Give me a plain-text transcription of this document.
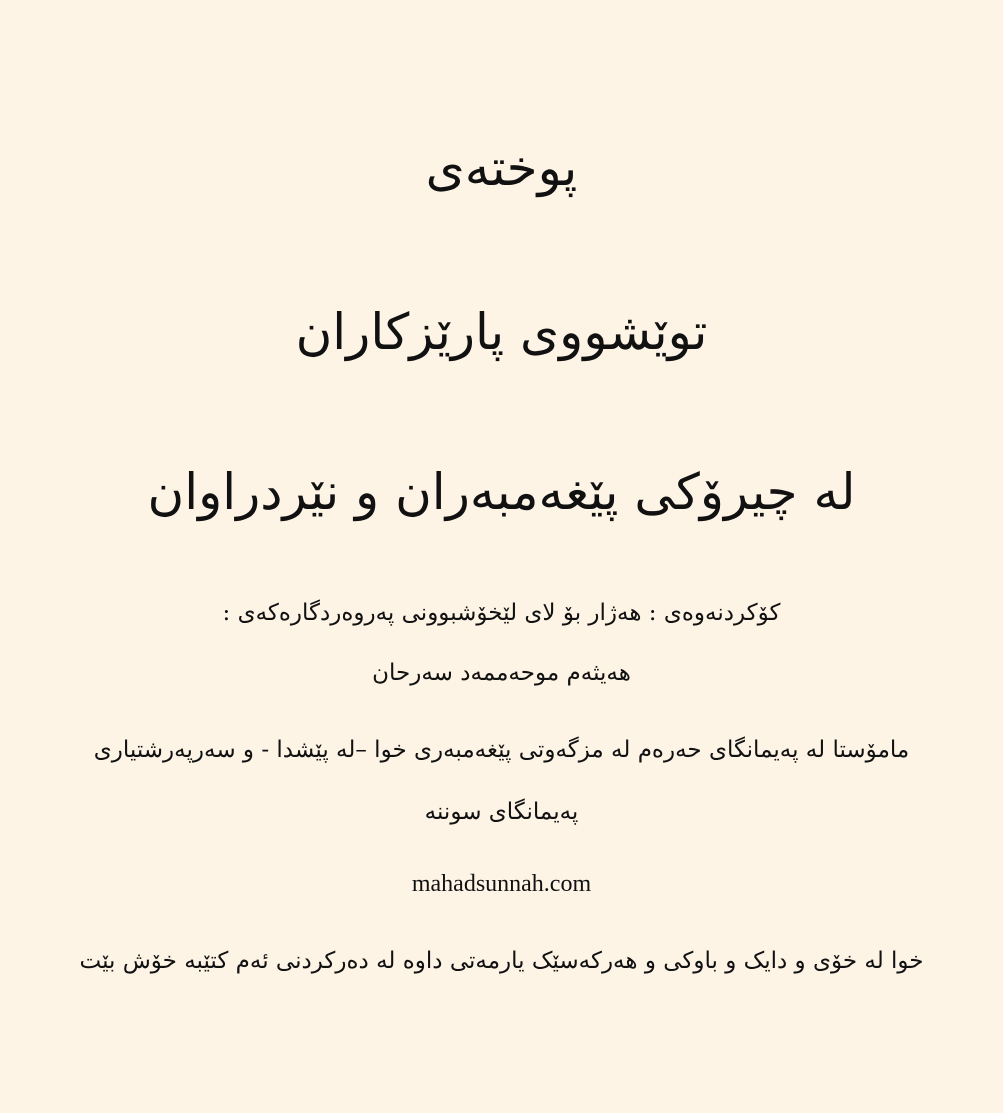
پوختەی
توێشووی پارێزکاران
لە چیرۆکی پێغەمبەران و نێردراوان
کۆکردنەوەی : هەژار بۆ لای لێخۆشبوونی پەروەردگارەکەی :
هەیثەم موحەممەد سەرحان
مامۆستا لە پەیمانگای حەرەم لە مزگەوتی پێغەمبەری خوا –لە پێشدا - و سەرپەرشتیاری
پەیمانگای سوننە
mahadsunnah.com
خوا لە خۆی و دایک و باوکی و هەرکەسێک یارمەتی داوە لە دەرکردنی ئەم کتێبە خۆش بێت
